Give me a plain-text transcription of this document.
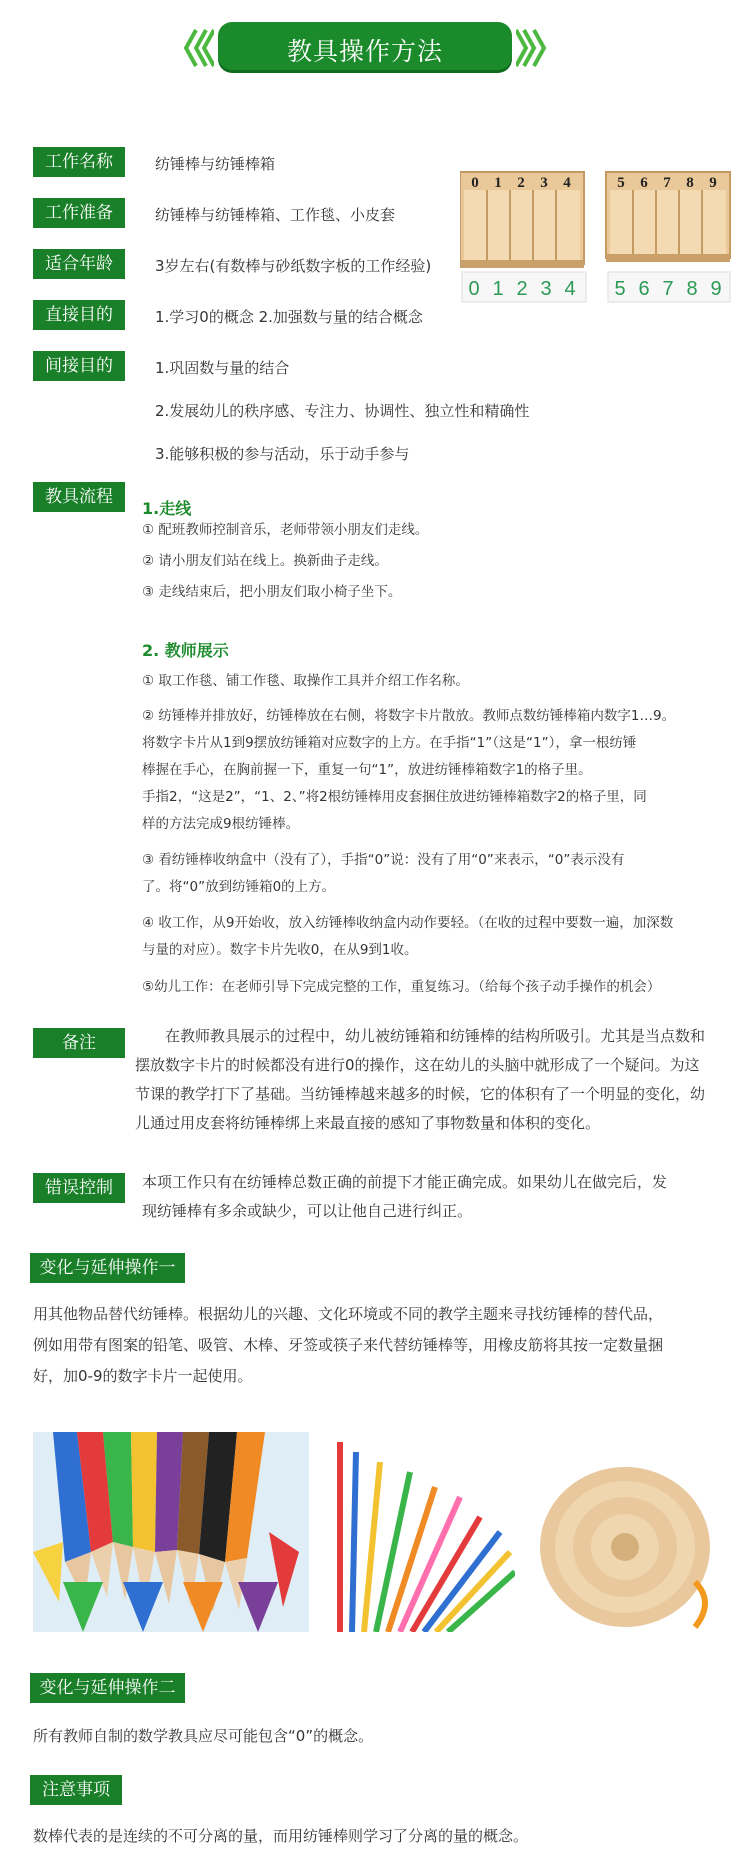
教具操作方法
工作名称	纺锤棒与纺锤棒箱
工作准备	纺锤棒与纺锤棒箱、工作毯、小皮套
适合年龄	3岁左右(有数棒与砂纸数字板的工作经验)
直接目的	1.学习0的概念 2.加强数与量的结合概念
间接目的	1.巩固数与量的结合
2.发展幼儿的秩序感、专注力、协调性、独立性和精确性
3.能够积极的参与活动，乐于动手参与
0 1 2 3 4	5 6 7 8 9
0 1 2 3 4 5 6 7 8 9
教具流程
1.走线
① 配班教师控制音乐，老师带领小朋友们走线。
② 请小朋友们站在线上。换新曲子走线。
③ 走线结束后，把小朋友们取小椅子坐下。
2. 教师展示
① 取工作毯、铺工作毯、取操作工具并介绍工作名称。
② 纺锤棒并排放好，纺锤棒放在右侧，将数字卡片散放。教师点数纺锤棒箱内数字1…9。
将数字卡片从1到9摆放纺锤箱对应数字的上方。在手指“1”（这是“1”），拿一根纺锤
棒握在手心，在胸前握一下，重复一句“1”，放进纺锤棒箱数字1的格子里。
手指2，“这是2”，“1、2、”将2根纺锤棒用皮套捆住放进纺锤棒箱数字2的格子里，同
样的方法完成9根纺锤棒。
③ 看纺锤棒收纳盒中（没有了），手指“0”说：没有了用“0”来表示，“0”表示没有
了。将“0”放到纺锤箱0的上方。
④ 收工作，从9开始收，放入纺锤棒收纳盒内动作要轻。（在收的过程中要数一遍，加深数
与量的对应）。数字卡片先收0，在从9到1收。
⑤幼儿工作：在老师引导下完成完整的工作，重复练习。（给每个孩子动手操作的机会）
备注	在教师教具展示的过程中，幼儿被纺锤箱和纺锤棒的结构所吸引。尤其是当点数和
摆放数字卡片的时候都没有进行0的操作，这在幼儿的头脑中就形成了一个疑问。为这
节课的教学打下了基础。当纺锤棒越来越多的时候，它的体积有了一个明显的变化，幼
儿通过用皮套将纺锤棒绑上来最直接的感知了事物数量和体积的变化。
错误控制	本项工作只有在纺锤棒总数正确的前提下才能正确完成。如果幼儿在做完后，发
现纺锤棒有多余或缺少，可以让他自己进行纠正。
变化与延伸操作一
用其他物品替代纺锤棒。根据幼儿的兴趣、文化环境或不同的教学主题来寻找纺锤棒的替代品，
例如用带有图案的铅笔、吸管、木棒、牙签或筷子来代替纺锤棒等，用橡皮筋将其按一定数量捆
好，加0-9的数字卡片一起使用。
变化与延伸操作二
所有教师自制的数学教具应尽可能包含“0”的概念。
注意事项
数棒代表的是连续的不可分离的量，而用纺锤棒则学习了分离的量的概念。
